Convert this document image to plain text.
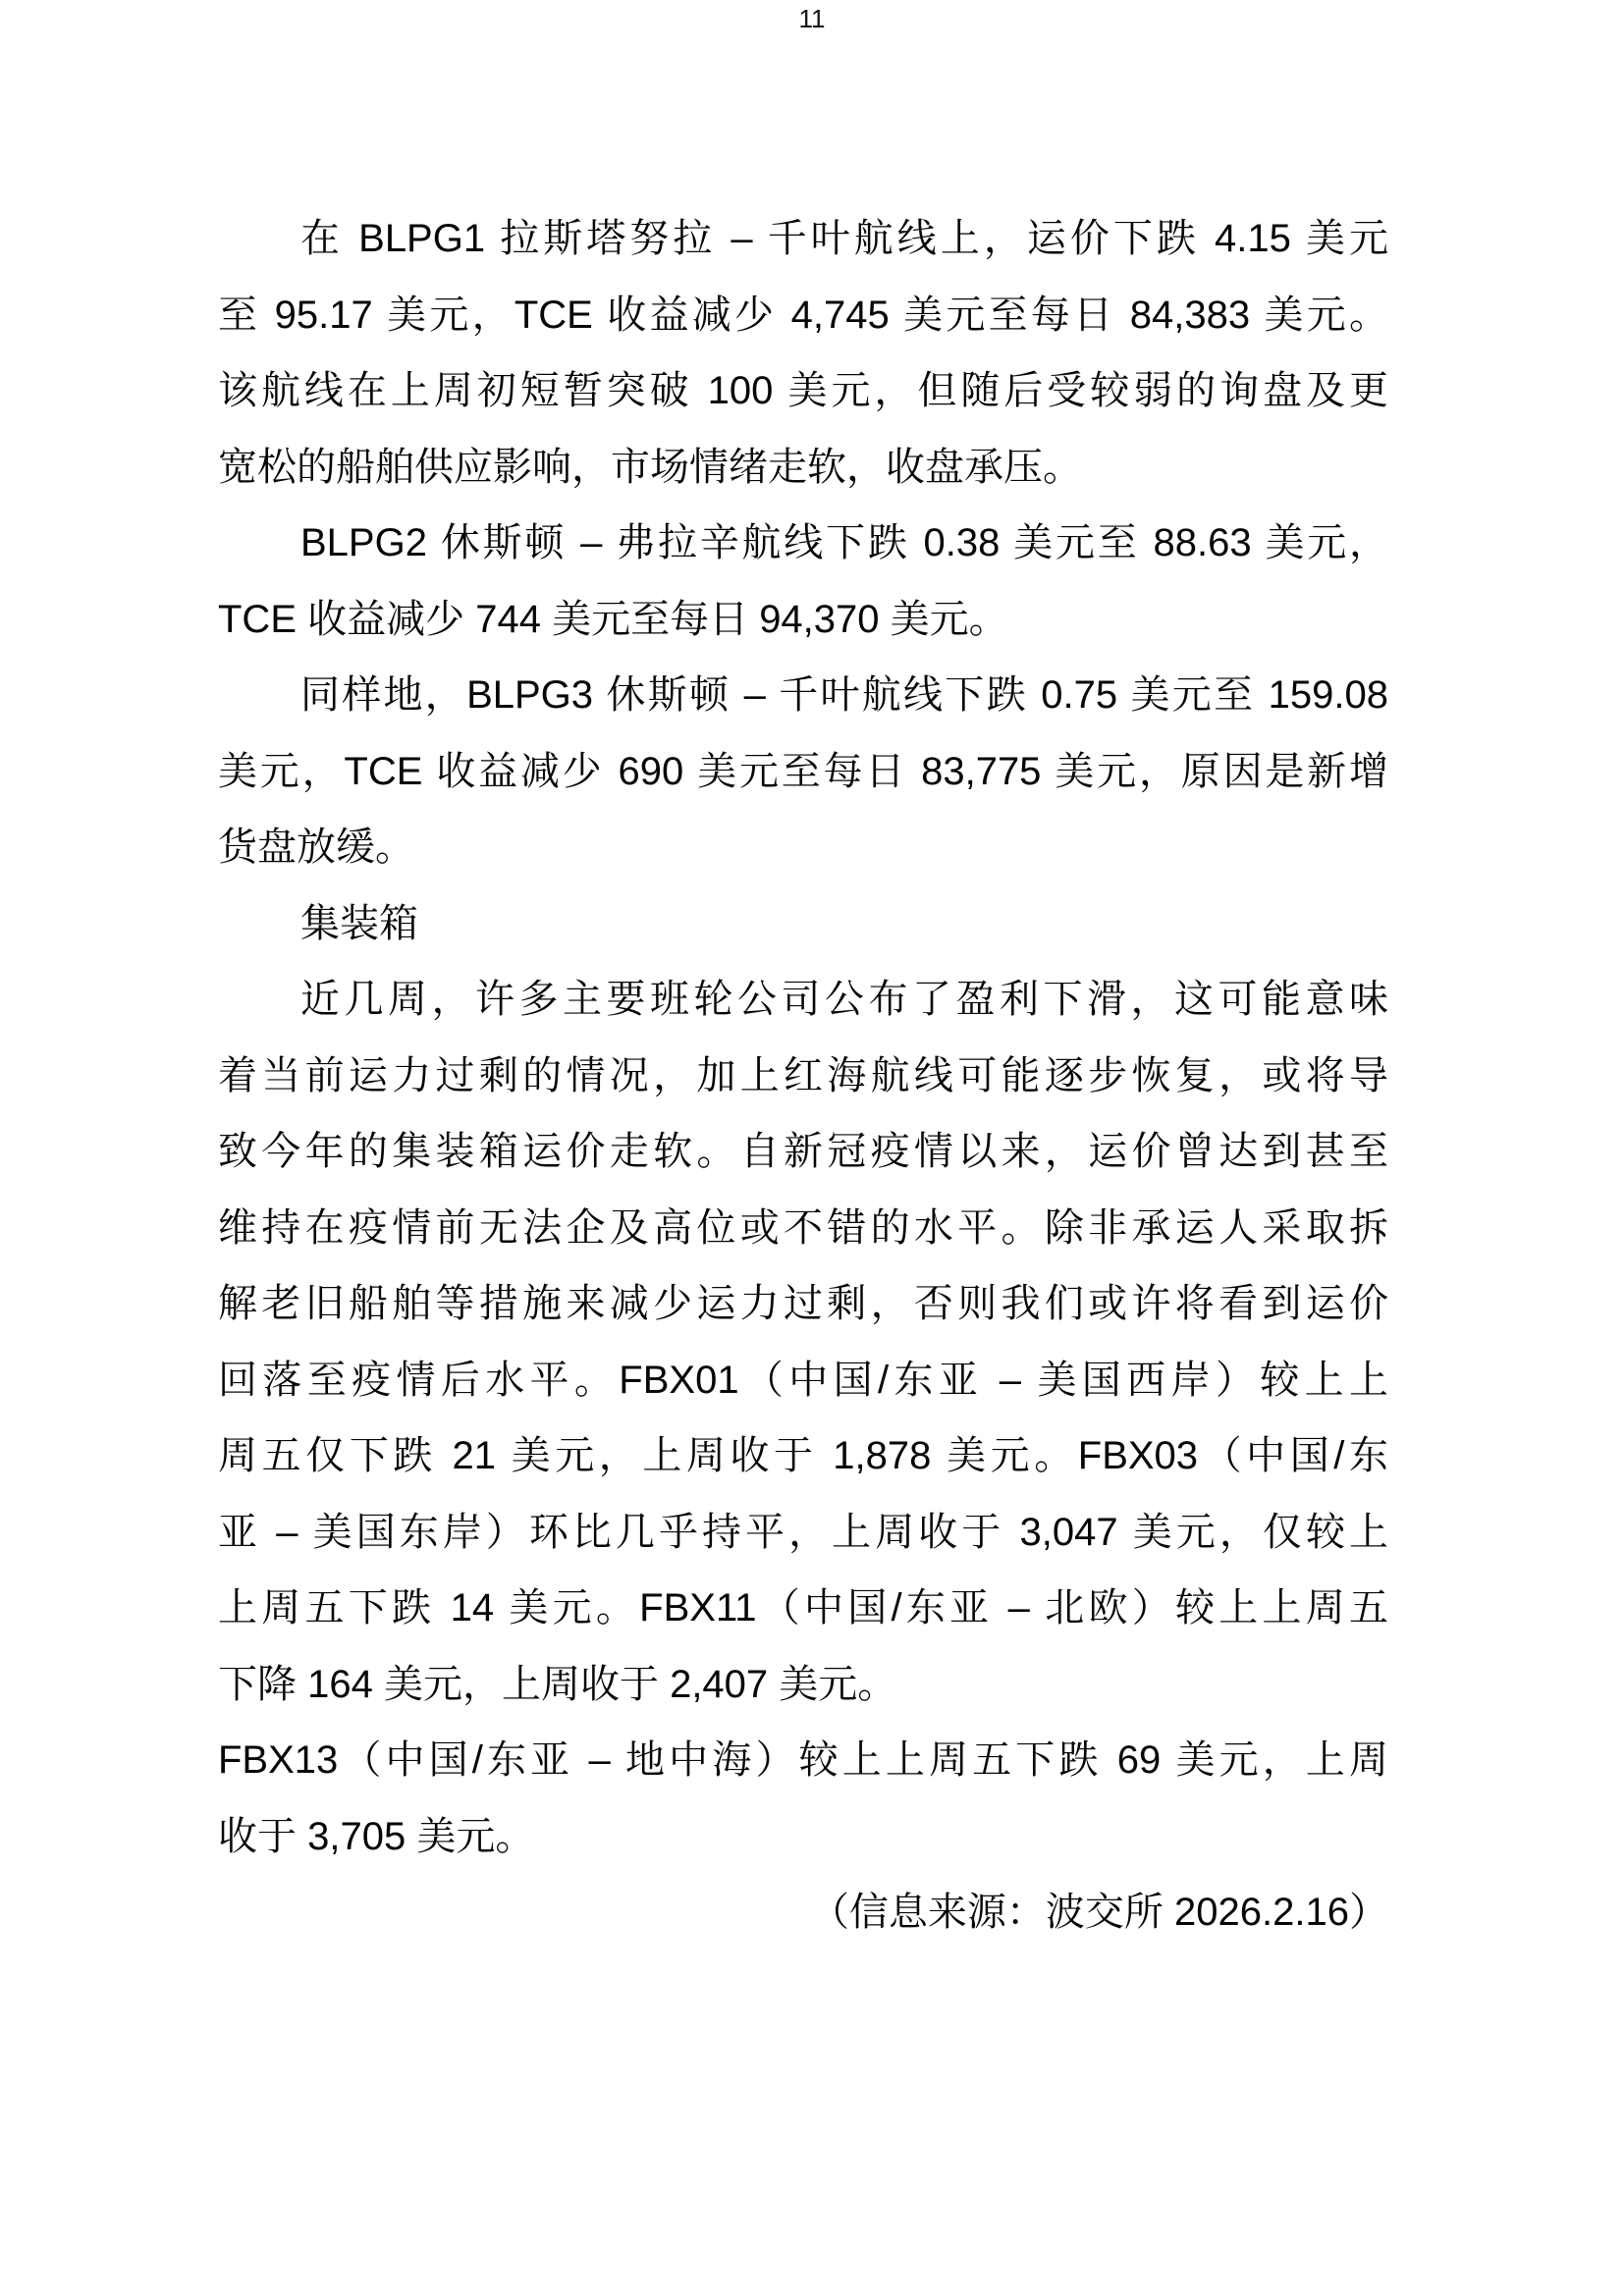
11
在 BLPG1 拉斯塔努拉 – 千叶航线上，运价下跌 4.15 美元
至 95.17 美元，TCE 收益减少 4,745 美元至每日 84,383 美元。
该航线在上周初短暂突破 100 美元，但随后受较弱的询盘及更
宽松的船舶供应影响，市场情绪走软，收盘承压。
BLPG2 休斯顿 – 弗拉辛航线下跌 0.38 美元至 88.63 美元，
TCE 收益减少 744 美元至每日 94,370 美元。
同样地，BLPG3 休斯顿 – 千叶航线下跌 0.75 美元至 159.08
美元，TCE 收益减少 690 美元至每日 83,775 美元，原因是新增
货盘放缓。
集装箱
近几周，许多主要班轮公司公布了盈利下滑，这可能意味
着当前运力过剩的情况，加上红海航线可能逐步恢复，或将导
致今年的集装箱运价走软。自新冠疫情以来，运价曾达到甚至
维持在疫情前无法企及高位或不错的水平。除非承运人采取拆
解老旧船舶等措施来减少运力过剩，否则我们或许将看到运价
回落至疫情后水平。FBX01（中国/东亚 – 美国西岸）较上上
周五仅下跌 21 美元，上周收于 1,878 美元。FBX03（中国/东
亚 – 美国东岸）环比几乎持平，上周收于 3,047 美元，仅较上
上周五下跌 14 美元。FBX11（中国/东亚 – 北欧）较上上周五
下降 164 美元，上周收于 2,407 美元。
FBX13（中国/东亚 – 地中海）较上上周五下跌 69 美元，上周
收于 3,705 美元。
（信息来源：波交所 2026.2.16）
